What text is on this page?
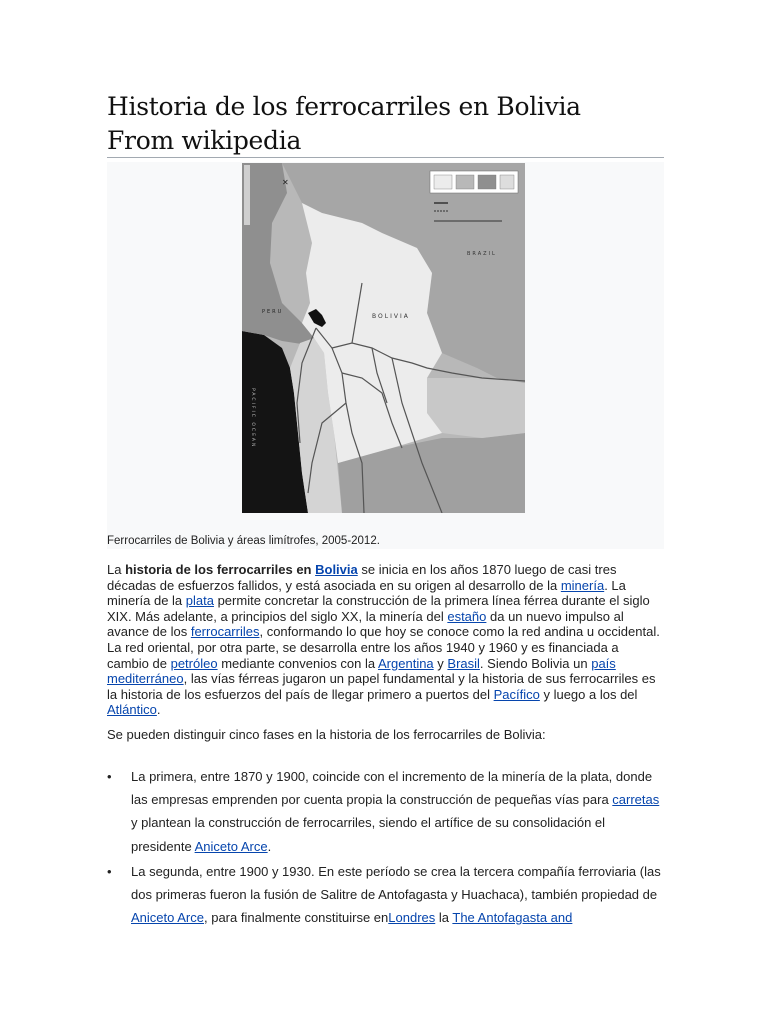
Historia de los ferrocarriles en Bolivia
From wikipedia
✕
BOLIVIA
BRAZIL
PERU
PACIFIC OCEAN

Ferrocarriles de Bolivia y áreas limítrofes, 2005-2012.

La historia de los ferrocarriles en Bolivia se inicia en los años 1870 luego de casi tres décadas de esfuerzos fallidos, y está asociada en su origen al desarrollo de la minería. La minería de la plata permite concretar la construcción de la primera línea férrea durante el siglo XIX. Más adelante, a principios del siglo XX, la minería del estaño da un nuevo impulso al avance de los ferrocarriles, conformando lo que hoy se conoce como la red andina u occidental. La red oriental, por otra parte, se desarrolla entre los años 1940 y 1960 y es financiada a cambio de petróleo mediante convenios con la Argentina y Brasil. Siendo Bolivia un país mediterráneo, las vías férreas jugaron un papel fundamental y la historia de sus ferrocarriles es la historia de los esfuerzos del país de llegar primero a puertos del Pacífico y luego a los del Atlántico.

Se pueden distinguir cinco fases en la historia de los ferrocarriles de Bolivia:

• La primera, entre 1870 y 1900, coincide con el incremento de la minería de la plata, donde las empresas emprenden por cuenta propia la construcción de pequeñas vías para carretas y plantean la construcción de ferrocarriles, siendo el artífice de su consolidación el presidente Aniceto Arce.
• La segunda, entre 1900 y 1930. En este período se crea la tercera compañía ferroviaria (las dos primeras fueron la fusión de Salitre de Antofagasta y Huachaca), también propiedad de Aniceto Arce, para finalmente constituirse enLondres la The Antofagasta and
